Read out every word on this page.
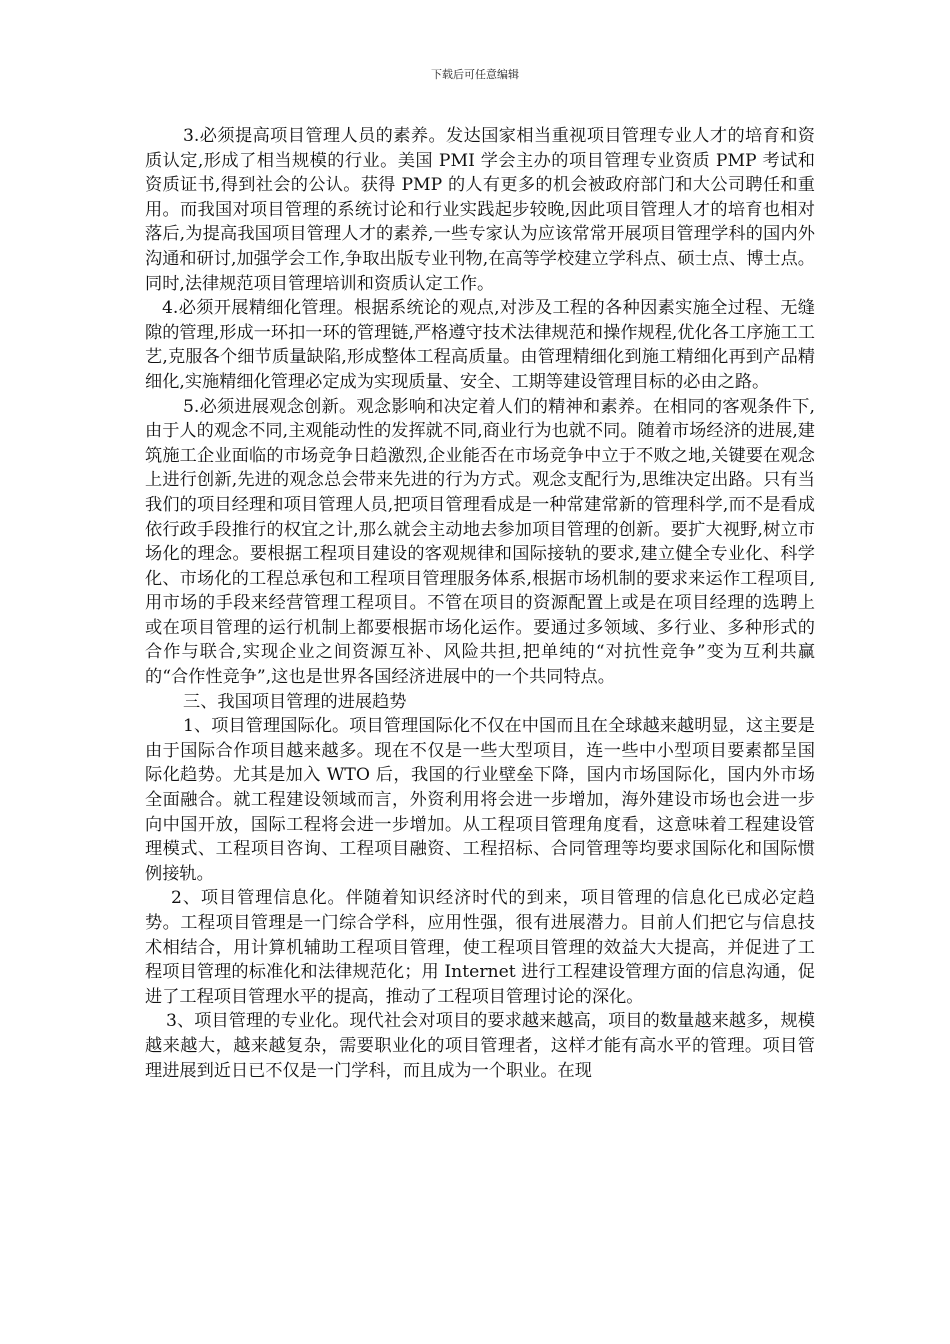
下载后可任意编辑

3.必须提高项目管理人员的素养。发达国家相当重视项目管理专业人才的培育和资质认定,形成了相当规模的行业。美国 PMI 学会主办的项目管理专业资质 PMP 考试和资质证书,得到社会的公认。获得 PMP 的人有更多的机会被政府部门和大公司聘任和重用。而我国对项目管理的系统讨论和行业实践起步较晚,因此项目管理人才的培育也相对落后,为提高我国项目管理人才的素养,一些专家认为应该常常开展项目管理学科的国内外沟通和研讨,加强学会工作,争取出版专业刊物,在高等学校建立学科点、硕士点、博士点。同时,法律规范项目管理培训和资质认定工作。

4.必须开展精细化管理。根据系统论的观点,对涉及工程的各种因素实施全过程、无缝隙的管理,形成一环扣一环的管理链,严格遵守技术法律规范和操作规程,优化各工序施工工艺,克服各个细节质量缺陷,形成整体工程高质量。由管理精细化到施工精细化再到产品精细化,实施精细化管理必定成为实现质量、安全、工期等建设管理目标的必由之路。

5.必须进展观念创新。观念影响和决定着人们的精神和素养。在相同的客观条件下,由于人的观念不同,主观能动性的发挥就不同,商业行为也就不同。随着市场经济的进展,建筑施工企业面临的市场竞争日趋激烈,企业能否在市场竞争中立于不败之地,关键要在观念上进行创新,先进的观念总会带来先进的行为方式。观念支配行为,思维决定出路。只有当我们的项目经理和项目管理人员,把项目管理看成是一种常建常新的管理科学,而不是看成依行政手段推行的权宜之计,那么就会主动地去参加项目管理的创新。要扩大视野,树立市场化的理念。要根据工程项目建设的客观规律和国际接轨的要求,建立健全专业化、科学化、市场化的工程总承包和工程项目管理服务体系,根据市场机制的要求来运作工程项目,用市场的手段来经营管理工程项目。不管在项目的资源配置上或是在项目经理的选聘上或在项目管理的运行机制上都要根据市场化运作。要通过多领域、多行业、多种形式的合作与联合,实现企业之间资源互补、风险共担,把单纯的“对抗性竞争”变为互利共赢的“合作性竞争”,这也是世界各国经济进展中的一个共同特点。

三、我国项目管理的进展趋势

1、项目管理国际化。项目管理国际化不仅在中国而且在全球越来越明显，这主要是由于国际合作项目越来越多。现在不仅是一些大型项目，连一些中小型项目要素都呈国际化趋势。尤其是加入 WTO 后，我国的行业壁垒下降，国内市场国际化，国内外市场全面融合。就工程建设领域而言，外资利用将会进一步增加，海外建设市场也会进一步向中国开放，国际工程将会进一步增加。从工程项目管理角度看，这意味着工程建设管理模式、工程项目咨询、工程项目融资、工程招标、合同管理等均要求国际化和国际惯例接轨。

2、项目管理信息化。伴随着知识经济时代的到来，项目管理的信息化已成必定趋势。工程项目管理是一门综合学科，应用性强，很有进展潜力。目前人们把它与信息技术相结合，用计算机辅助工程项目管理，使工程项目管理的效益大大提高，并促进了工程项目管理的标准化和法律规范化；用 Internet 进行工程建设管理方面的信息沟通，促进了工程项目管理水平的提高，推动了工程项目管理讨论的深化。

3、项目管理的专业化。现代社会对项目的要求越来越高，项目的数量越来越多，规模越来越大，越来越复杂，需要职业化的项目管理者，这样才能有高水平的管理。项目管理进展到近日已不仅是一门学科，而且成为一个职业。在现
